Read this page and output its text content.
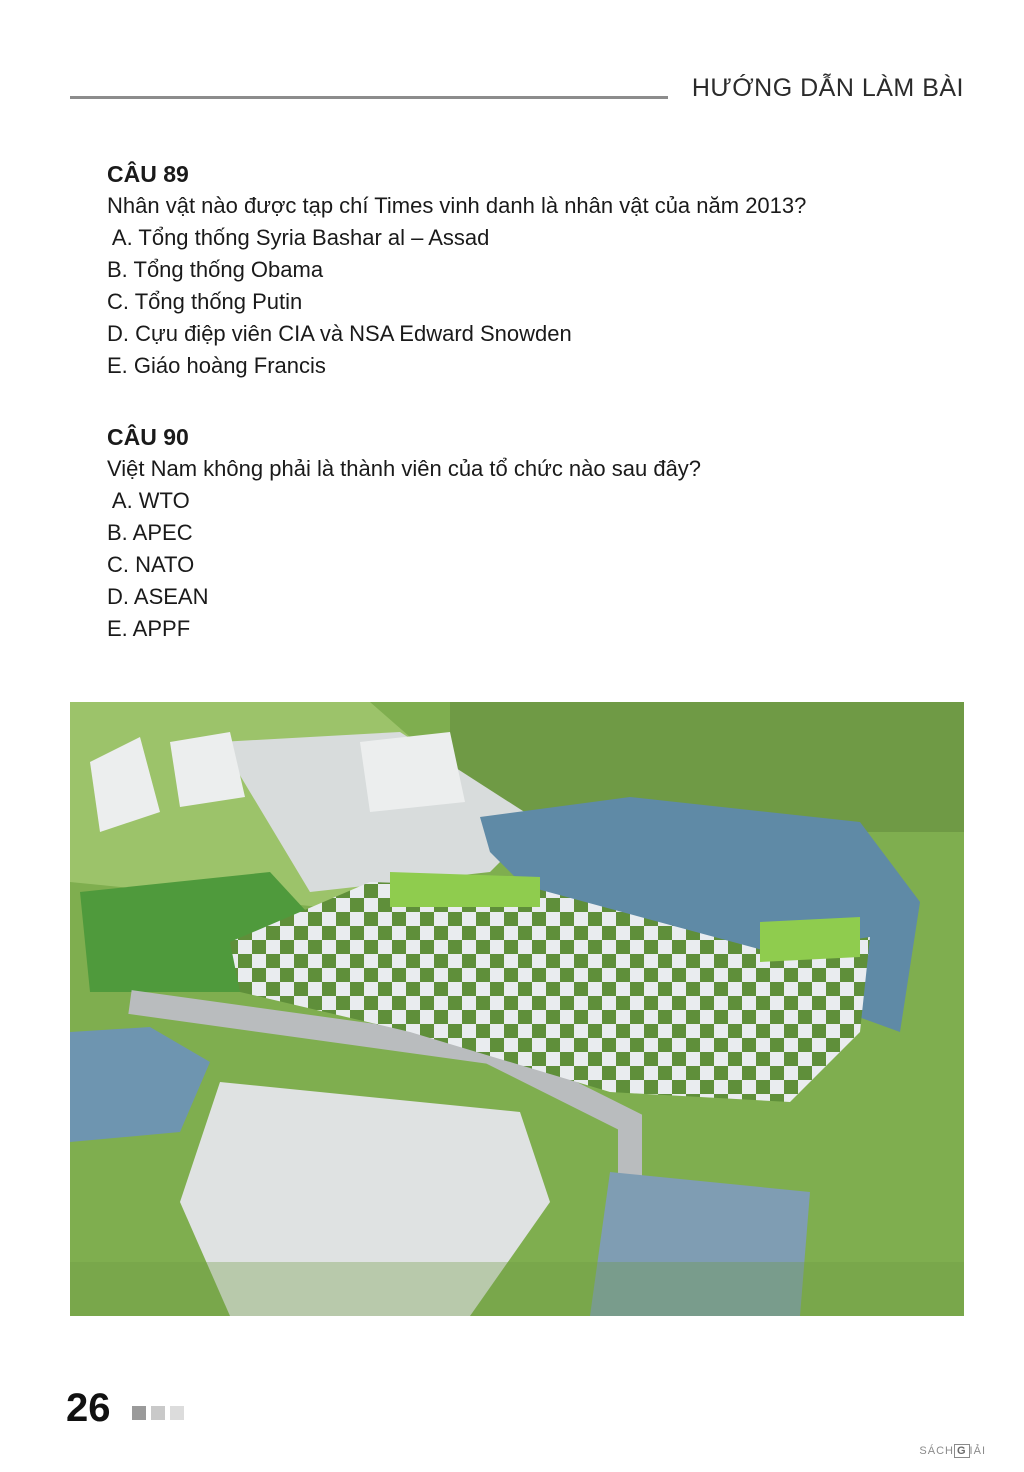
HƯỚNG DẪN LÀM BÀI
CÂU 89
Nhân vật nào được tạp chí Times vinh danh là nhân vật của năm 2013?
A. Tổng thống Syria Bashar al – Assad
B. Tổng thống Obama
C. Tổng thống Putin
D. Cựu điệp viên CIA và NSA Edward Snowden
E. Giáo hoàng Francis
CÂU 90
Việt Nam không phải là thành viên của tổ chức nào sau đây?
A. WTO
B. APEC
C. NATO
D. ASEAN
E. APPF
26
SÁCH G IẢI
